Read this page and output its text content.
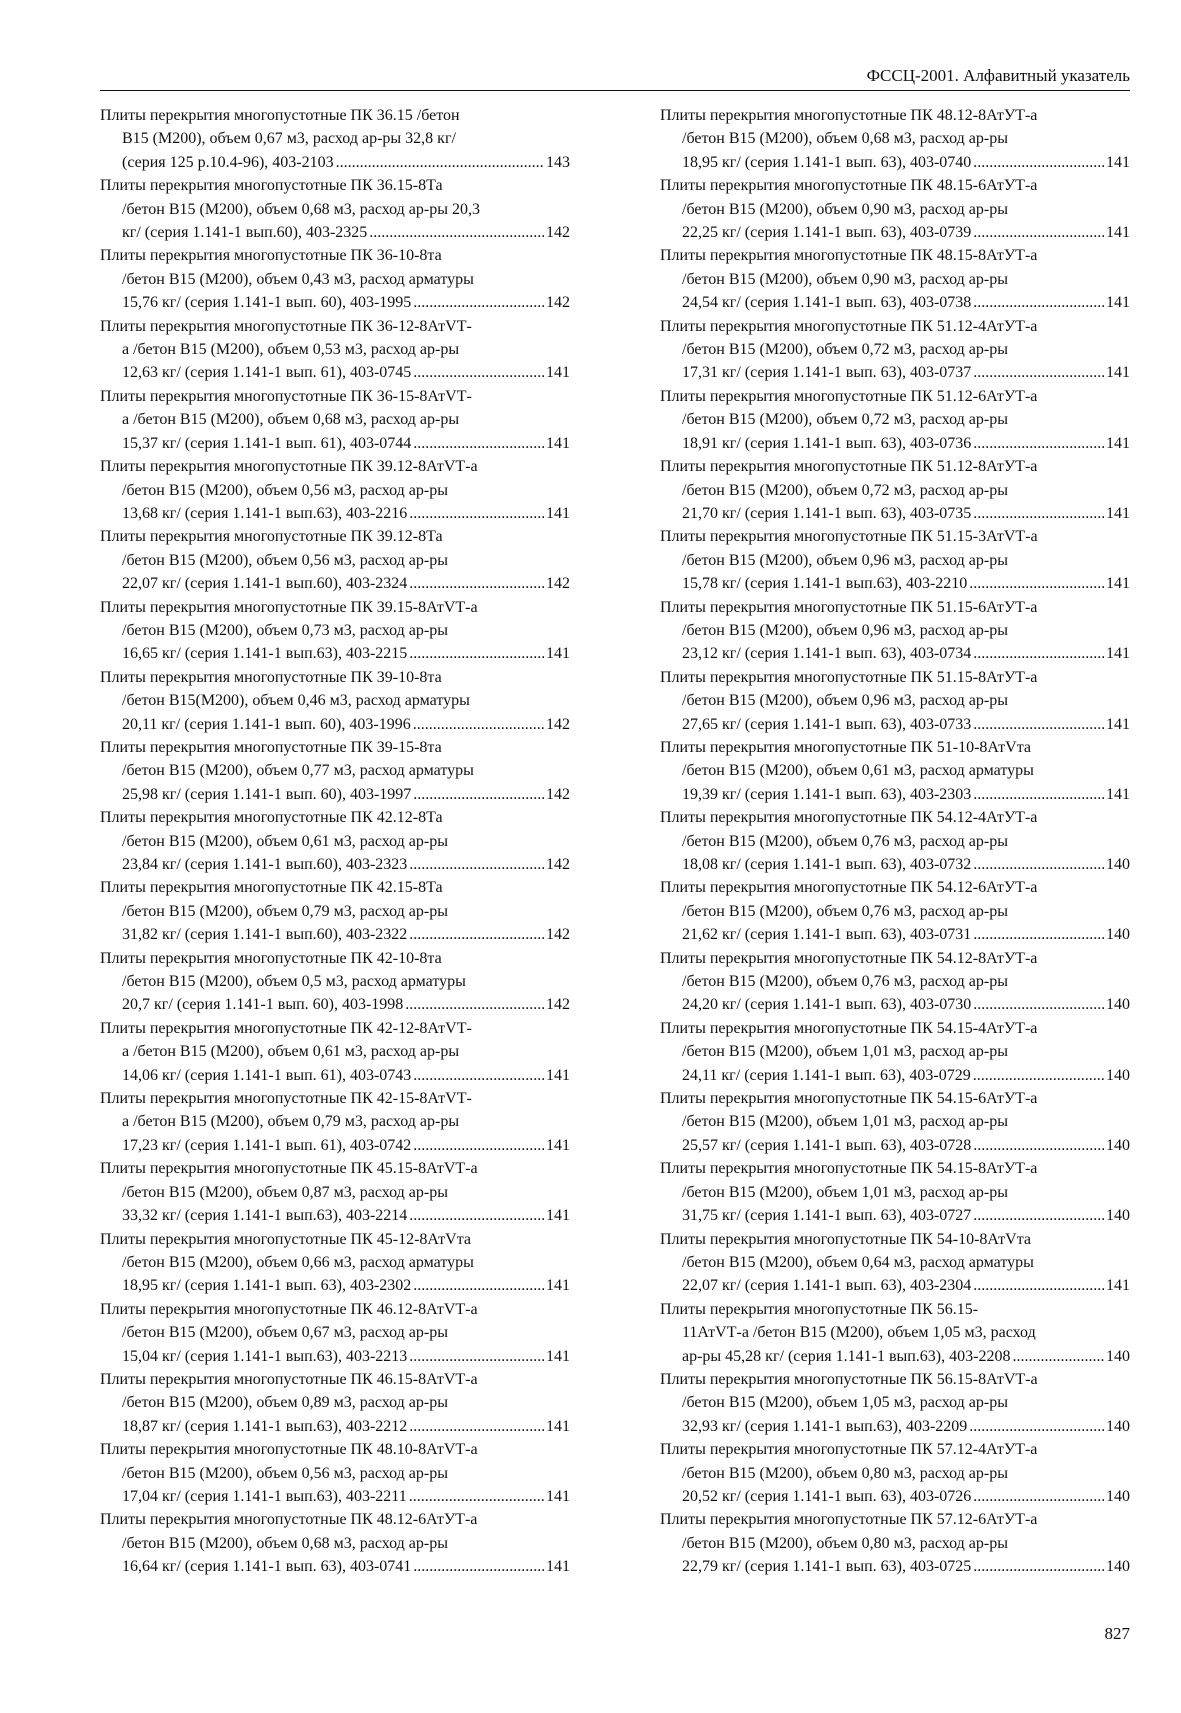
ФССЦ-2001. Алфавитный указатель
Плиты перекрытия многопустотные ПК 36.15 /бетон
В15 (М200), объем 0,67 м3, расход ар-ры 32,8 кг/
(серия 125 р.10.4-96), 403-2103 .....	143
Плиты перекрытия многопустотные ПК 36.15-8Та
/бетон В15 (М200), объем 0,68 м3, расход ар-ры 20,3
кг/ (серия 1.141-1 вып.60), 403-2325 .....	142
Плиты перекрытия многопустотные ПК 36-10-8та
/бетон В15 (М200), объем 0,43 м3, расход арматуры
15,76 кг/ (серия 1.141-1 вып. 60), 403-1995 .....	142
Плиты перекрытия многопустотные ПК 36-12-8АтVТ-
а /бетон В15 (М200), объем 0,53 м3, расход ар-ры
12,63 кг/ (серия 1.141-1 вып. 61), 403-0745 .....	141
Плиты перекрытия многопустотные ПК 36-15-8АтVТ-
а /бетон В15 (М200), объем 0,68 м3, расход ар-ры
15,37 кг/ (серия 1.141-1 вып. 61), 403-0744 .....	141
Плиты перекрытия многопустотные ПК 39.12-8АтVТ-а
/бетон В15 (М200), объем 0,56 м3, расход ар-ры
13,68 кг/ (серия 1.141-1 вып.63), 403-2216 .....	141
Плиты перекрытия многопустотные ПК 39.12-8Та
/бетон В15 (М200), объем 0,56 м3, расход ар-ры
22,07 кг/ (серия 1.141-1 вып.60), 403-2324 .....	142
Плиты перекрытия многопустотные ПК 39.15-8АтVТ-а
/бетон В15 (М200), объем 0,73 м3, расход ар-ры
16,65 кг/ (серия 1.141-1 вып.63), 403-2215 .....	141
Плиты перекрытия многопустотные ПК 39-10-8та
/бетон В15(М200), объем 0,46 м3, расход арматуры
20,11 кг/ (серия 1.141-1 вып. 60), 403-1996 .....	142
Плиты перекрытия многопустотные ПК 39-15-8та
/бетон В15 (М200), объем 0,77 м3, расход арматуры
25,98 кг/ (серия 1.141-1 вып. 60), 403-1997 .....	142
Плиты перекрытия многопустотные ПК 42.12-8Та
/бетон В15 (М200), объем 0,61 м3, расход ар-ры
23,84 кг/ (серия 1.141-1 вып.60), 403-2323 .....	142
Плиты перекрытия многопустотные ПК 42.15-8Та
/бетон В15 (М200), объем 0,79 м3, расход ар-ры
31,82 кг/ (серия 1.141-1 вып.60), 403-2322 .....	142
Плиты перекрытия многопустотные ПК 42-10-8та
/бетон В15 (М200), объем 0,5 м3, расход арматуры
20,7 кг/ (серия 1.141-1 вып. 60), 403-1998 .....	142
Плиты перекрытия многопустотные ПК 42-12-8АтVТ-
а /бетон В15 (М200), объем 0,61 м3, расход ар-ры
14,06 кг/ (серия 1.141-1 вып. 61), 403-0743 .....	141
Плиты перекрытия многопустотные ПК 42-15-8АтVТ-
а /бетон В15 (М200), объем 0,79 м3, расход ар-ры
17,23 кг/ (серия 1.141-1 вып. 61), 403-0742 .....	141
Плиты перекрытия многопустотные ПК 45.15-8АтVТ-а
/бетон В15 (М200), объем 0,87 м3, расход ар-ры
33,32 кг/ (серия 1.141-1 вып.63), 403-2214 .....	141
Плиты перекрытия многопустотные ПК 45-12-8АтVта
/бетон В15 (М200), объем 0,66 м3, расход арматуры
18,95 кг/ (серия 1.141-1 вып. 63), 403-2302 .....	141
Плиты перекрытия многопустотные ПК 46.12-8АтVТ-а
/бетон В15 (М200), объем 0,67 м3, расход ар-ры
15,04 кг/ (серия 1.141-1 вып.63), 403-2213 .....	141
Плиты перекрытия многопустотные ПК 46.15-8АтVТ-а
/бетон В15 (М200), объем 0,89 м3, расход ар-ры
18,87 кг/ (серия 1.141-1 вып.63), 403-2212 .....	141
Плиты перекрытия многопустотные ПК 48.10-8АтVТ-а
/бетон В15 (М200), объем 0,56 м3, расход ар-ры
17,04 кг/ (серия 1.141-1 вып.63), 403-2211 .....	141
Плиты перекрытия многопустотные ПК 48.12-6АтУТ-а
/бетон В15 (М200), объем 0,68 м3, расход ар-ры
16,64 кг/ (серия 1.141-1 вып. 63), 403-0741 .....	141
Плиты перекрытия многопустотные ПК 48.12-8АтУТ-а
/бетон В15 (М200), объем 0,68 м3, расход ар-ры
18,95 кг/ (серия 1.141-1 вып. 63), 403-0740 .....	141
Плиты перекрытия многопустотные ПК 48.15-6АтУТ-а
/бетон В15 (М200), объем 0,90 м3, расход ар-ры
22,25 кг/ (серия 1.141-1 вып. 63), 403-0739 .....	141
Плиты перекрытия многопустотные ПК 48.15-8АтУТ-а
/бетон В15 (М200), объем 0,90 м3, расход ар-ры
24,54 кг/ (серия 1.141-1 вып. 63), 403-0738 .....	141
Плиты перекрытия многопустотные ПК 51.12-4АтУТ-а
/бетон В15 (М200), объем 0,72 м3, расход ар-ры
17,31 кг/ (серия 1.141-1 вып. 63), 403-0737 .....	141
Плиты перекрытия многопустотные ПК 51.12-6АтУТ-а
/бетон В15 (М200), объем 0,72 м3, расход ар-ры
18,91 кг/ (серия 1.141-1 вып. 63), 403-0736 .....	141
Плиты перекрытия многопустотные ПК 51.12-8АтУТ-а
/бетон В15 (М200), объем 0,72 м3, расход ар-ры
21,70 кг/ (серия 1.141-1 вып. 63), 403-0735 .....	141
Плиты перекрытия многопустотные ПК 51.15-3АтVТ-а
/бетон В15 (М200), объем 0,96 м3, расход ар-ры
15,78 кг/ (серия 1.141-1 вып.63), 403-2210 .....	141
Плиты перекрытия многопустотные ПК 51.15-6АтУТ-а
/бетон В15 (М200), объем 0,96 м3, расход ар-ры
23,12 кг/ (серия 1.141-1 вып. 63), 403-0734 .....	141
Плиты перекрытия многопустотные ПК 51.15-8АтУТ-а
/бетон В15 (М200), объем 0,96 м3, расход ар-ры
27,65 кг/ (серия 1.141-1 вып. 63), 403-0733 .....	141
Плиты перекрытия многопустотные ПК 51-10-8АтVта
/бетон В15 (М200), объем 0,61 м3, расход арматуры
19,39 кг/ (серия 1.141-1 вып. 63), 403-2303 .....	141
Плиты перекрытия многопустотные ПК 54.12-4АтУТ-а
/бетон В15 (М200), объем 0,76 м3, расход ар-ры
18,08 кг/ (серия 1.141-1 вып. 63), 403-0732 .....	140
Плиты перекрытия многопустотные ПК 54.12-6АтУТ-а
/бетон В15 (М200), объем 0,76 м3, расход ар-ры
21,62 кг/ (серия 1.141-1 вып. 63), 403-0731 .....	140
Плиты перекрытия многопустотные ПК 54.12-8АтУТ-а
/бетон В15 (М200), объем 0,76 м3, расход ар-ры
24,20 кг/ (серия 1.141-1 вып. 63), 403-0730 .....	140
Плиты перекрытия многопустотные ПК 54.15-4АтУТ-а
/бетон В15 (М200), объем 1,01 м3, расход ар-ры
24,11 кг/ (серия 1.141-1 вып. 63), 403-0729 .....	140
Плиты перекрытия многопустотные ПК 54.15-6АтУТ-а
/бетон В15 (М200), объем 1,01 м3, расход ар-ры
25,57 кг/ (серия 1.141-1 вып. 63), 403-0728 .....	140
Плиты перекрытия многопустотные ПК 54.15-8АтУТ-а
/бетон В15 (М200), объем 1,01 м3, расход ар-ры
31,75 кг/ (серия 1.141-1 вып. 63), 403-0727 .....	140
Плиты перекрытия многопустотные ПК 54-10-8АтVта
/бетон В15 (М200), объем 0,64 м3, расход арматуры
22,07 кг/ (серия 1.141-1 вып. 63), 403-2304 .....	141
Плиты перекрытия многопустотные ПК 56.15-
11АтVТ-а /бетон В15 (М200), объем 1,05 м3, расход
ар-ры 45,28 кг/ (серия 1.141-1 вып.63), 403-2208 .....	140
Плиты перекрытия многопустотные ПК 56.15-8АтVТ-а
/бетон В15 (М200), объем 1,05 м3, расход ар-ры
32,93 кг/ (серия 1.141-1 вып.63), 403-2209 .....	140
Плиты перекрытия многопустотные ПК 57.12-4АтУТ-а
/бетон В15 (М200), объем 0,80 м3, расход ар-ры
20,52 кг/ (серия 1.141-1 вып. 63), 403-0726 .....	140
Плиты перекрытия многопустотные ПК 57.12-6АтУТ-а
/бетон В15 (М200), объем 0,80 м3, расход ар-ры
22,79 кг/ (серия 1.141-1 вып. 63), 403-0725 .....	140
827
